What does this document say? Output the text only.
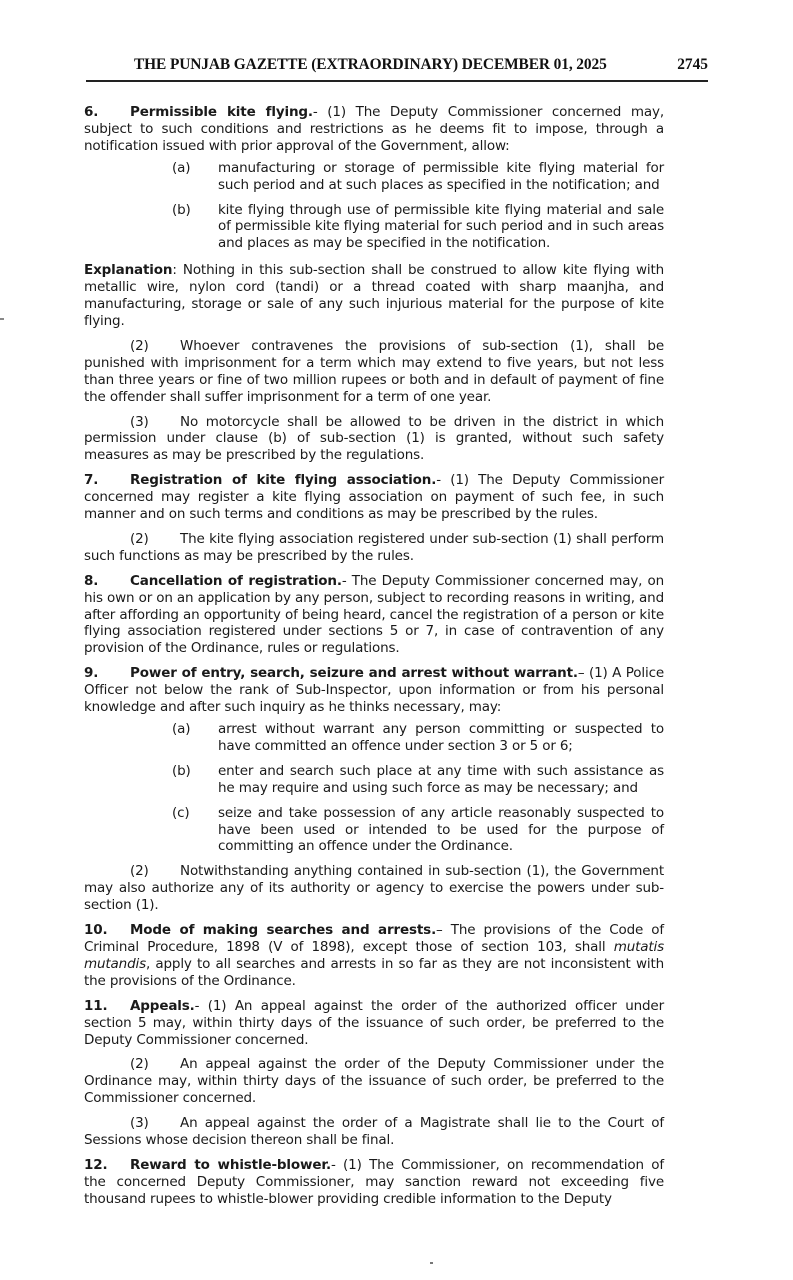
THE PUNJAB GAZETTE (EXTRAORDINARY) DECEMBER 01, 2025	2745

6. Permissible kite flying.- (1) The Deputy Commissioner concerned may, subject to such conditions and restrictions as he deems fit to impose, through a notification issued with prior approval of the Government, allow:

(a)	manufacturing or storage of permissible kite flying material for such period and at such places as specified in the notification; and
(b)	kite flying through use of permissible kite flying material and sale of permissible kite flying material for such period and in such areas and places as may be specified in the notification.

Explanation: Nothing in this sub-section shall be construed to allow kite flying with metallic wire, nylon cord (tandi) or a thread coated with sharp maanjha, and manufacturing, storage or sale of any such injurious material for the purpose of kite flying.

(2) Whoever contravenes the provisions of sub-section (1), shall be punished with imprisonment for a term which may extend to five years, but not less than three years or fine of two million rupees or both and in default of payment of fine the offender shall suffer imprisonment for a term of one year.

(3) No motorcycle shall be allowed to be driven in the district in which permission under clause (b) of sub-section (1) is granted, without such safety measures as may be prescribed by the regulations.

7. Registration of kite flying association.- (1) The Deputy Commissioner concerned may register a kite flying association on payment of such fee, in such manner and on such terms and conditions as may be prescribed by the rules.

(2) The kite flying association registered under sub-section (1) shall perform such functions as may be prescribed by the rules.

8. Cancellation of registration.- The Deputy Commissioner concerned may, on his own or on an application by any person, subject to recording reasons in writing, and after affording an opportunity of being heard, cancel the registration of a person or kite flying association registered under sections 5 or 7, in case of contravention of any provision of the Ordinance, rules or regulations.

9. Power of entry, search, seizure and arrest without warrant.– (1) A Police Officer not below the rank of Sub-Inspector, upon information or from his personal knowledge and after such inquiry as he thinks necessary, may:

(a)	arrest without warrant any person committing or suspected to have committed an offence under section 3 or 5 or 6;
(b)	enter and search such place at any time with such assistance as he may require and using such force as may be necessary; and
(c)	seize and take possession of any article reasonably suspected to have been used or intended to be used for the purpose of committing an offence under the Ordinance.

(2) Notwithstanding anything contained in sub-section (1), the Government may also authorize any of its authority or agency to exercise the powers under sub-section (1).

10. Mode of making searches and arrests.– The provisions of the Code of Criminal Procedure, 1898 (V of 1898), except those of section 103, shall mutatis mutandis, apply to all searches and arrests in so far as they are not inconsistent with the provisions of the Ordinance.

11. Appeals.- (1) An appeal against the order of the authorized officer under section 5 may, within thirty days of the issuance of such order, be preferred to the Deputy Commissioner concerned.

(2) An appeal against the order of the Deputy Commissioner under the Ordinance may, within thirty days of the issuance of such order, be preferred to the Commissioner concerned.

(3) An appeal against the order of a Magistrate shall lie to the Court of Sessions whose decision thereon shall be final.

12. Reward to whistle-blower.- (1) The Commissioner, on recommendation of the concerned Deputy Commissioner, may sanction reward not exceeding five thousand rupees to whistle-blower providing credible information to the Deputy
